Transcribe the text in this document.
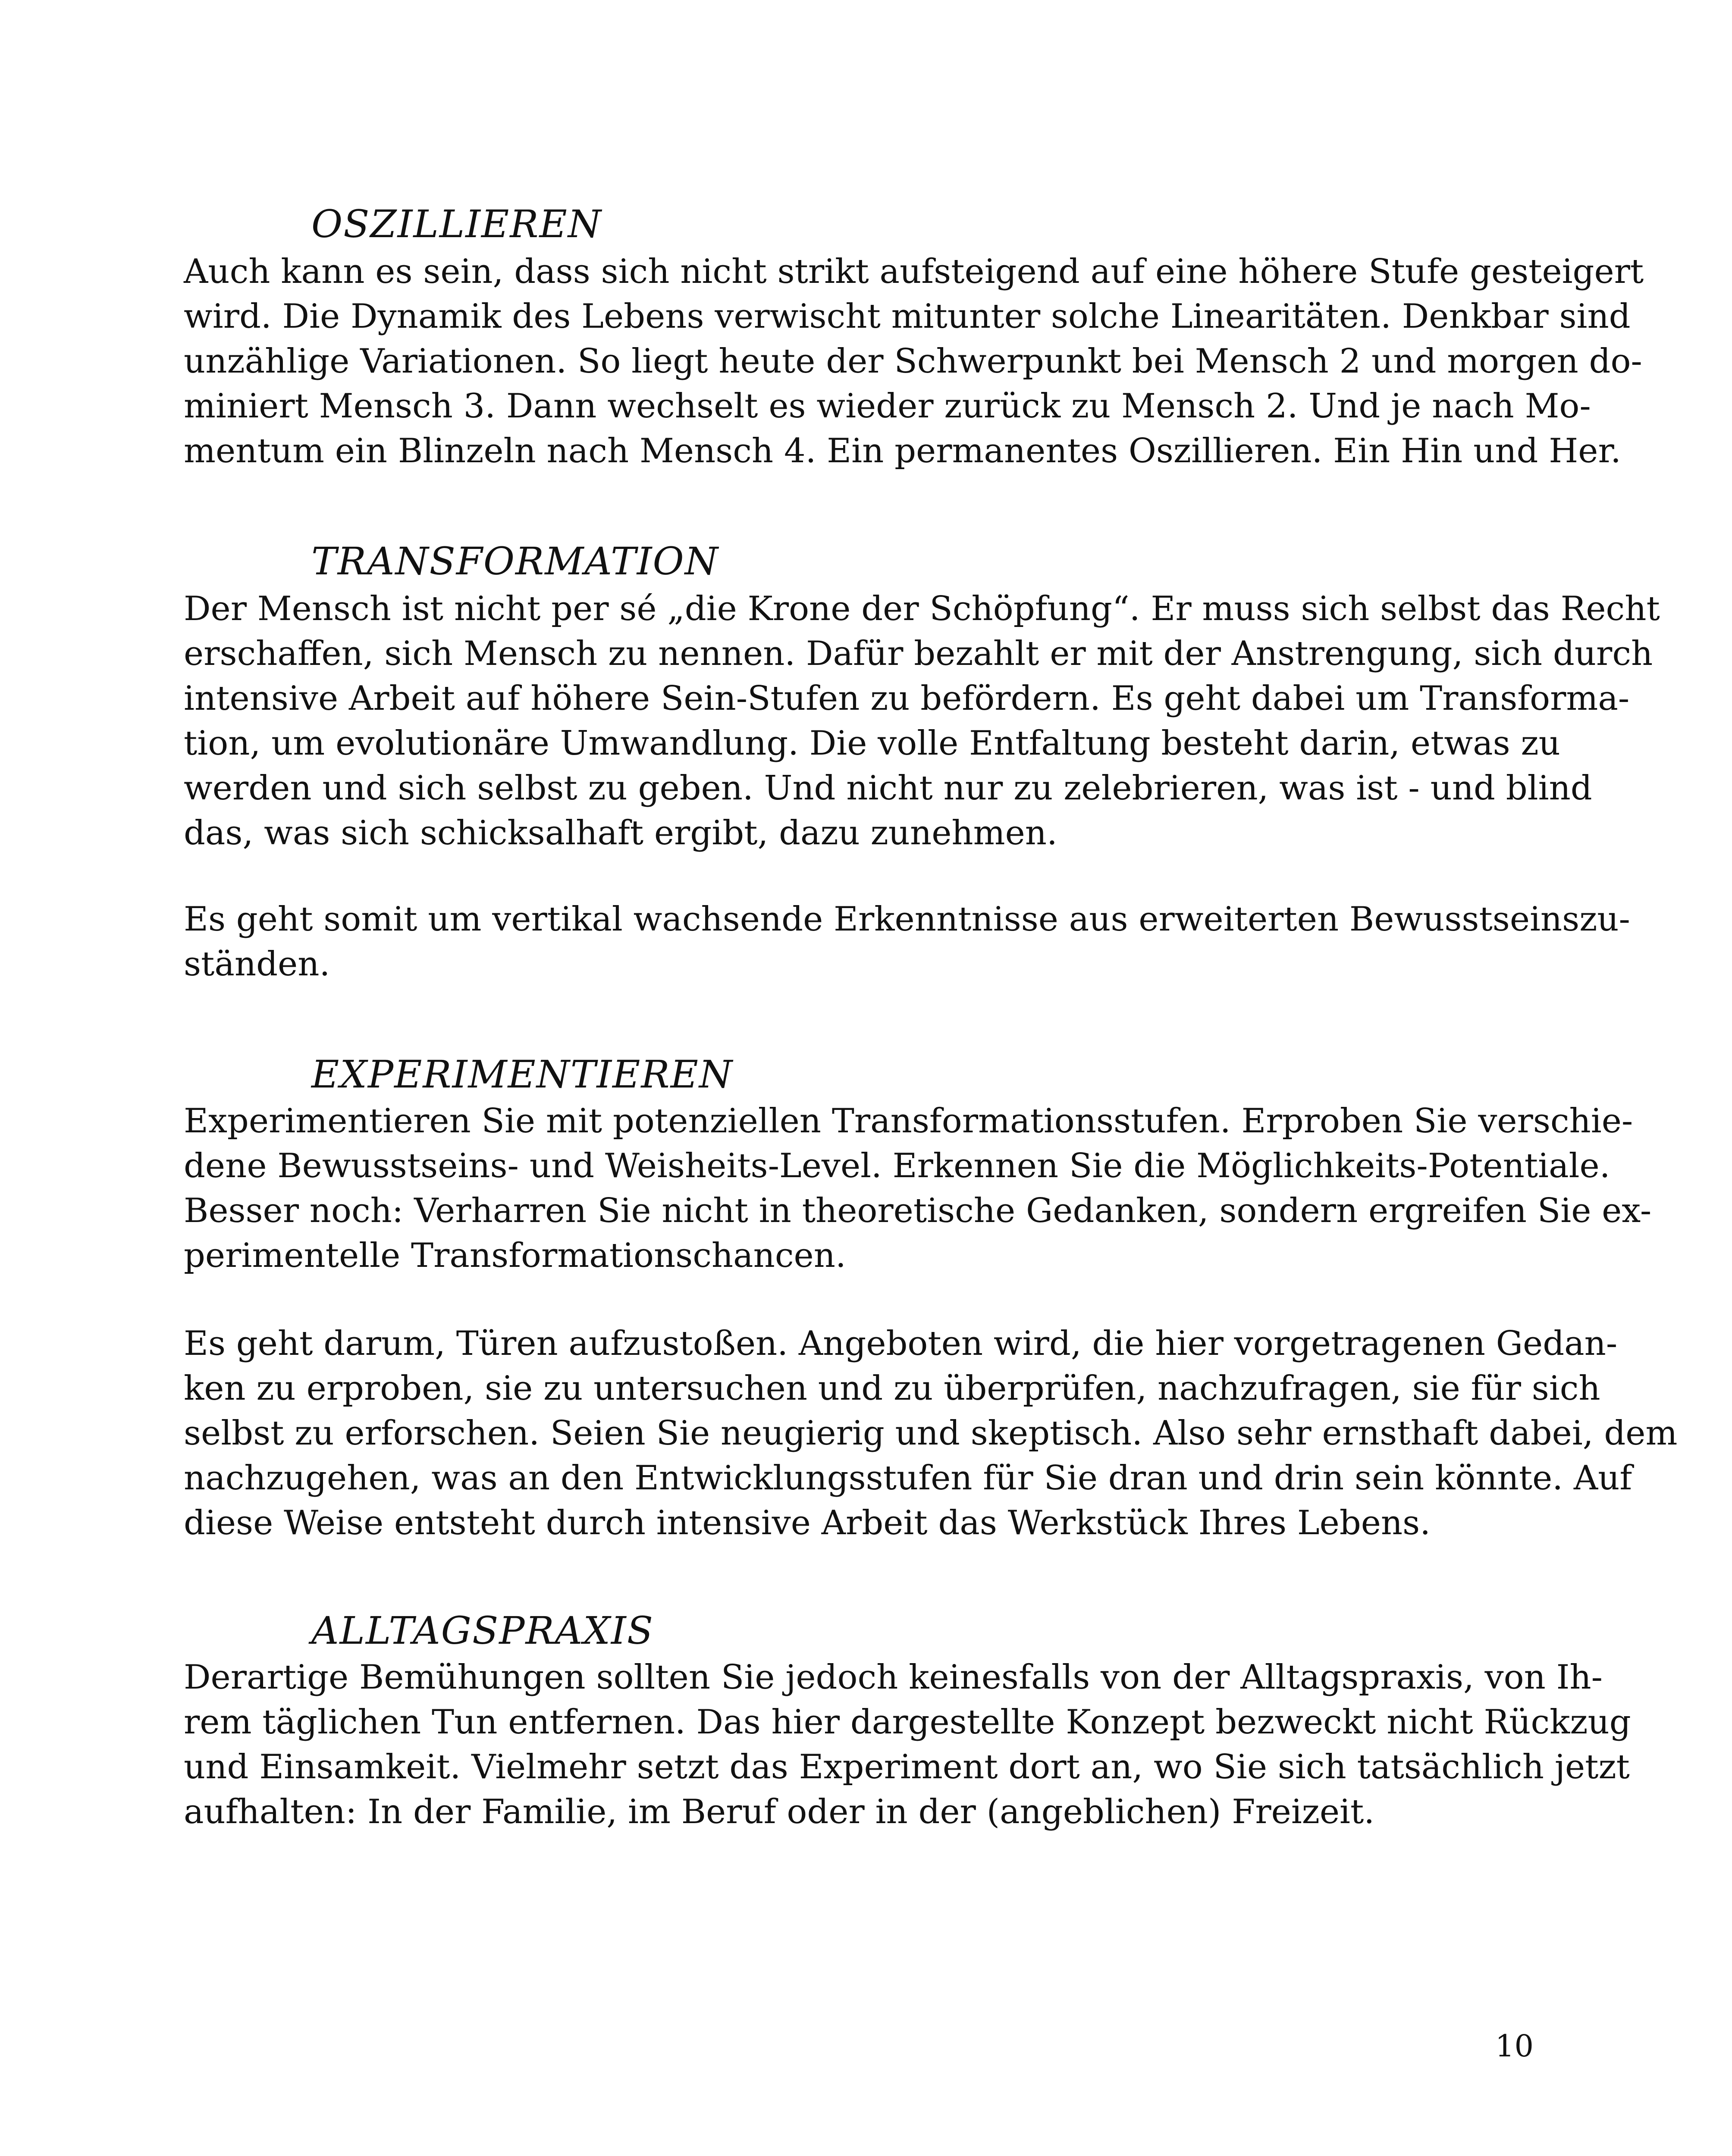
OSZILLIEREN
Auch kann es sein, dass sich nicht strikt aufsteigend auf eine höhere Stufe gesteigert
wird. Die Dynamik des Lebens verwischt mitunter solche Linearitäten. Denkbar sind
unzählige Variationen. So liegt heute der Schwerpunkt bei Mensch 2 und morgen do-
miniert Mensch 3. Dann wechselt es wieder zurück zu Mensch 2. Und je nach Mo-
mentum ein Blinzeln nach Mensch 4. Ein permanentes Oszillieren. Ein Hin und Her.
TRANSFORMATION
Der Mensch ist nicht per sé „die Krone der Schöpfung“. Er muss sich selbst das Recht
erschaffen, sich Mensch zu nennen. Dafür bezahlt er mit der Anstrengung, sich durch
intensive Arbeit auf höhere Sein-Stufen zu befördern. Es geht dabei um Transforma-
tion, um evolutionäre Umwandlung. Die volle Entfaltung besteht darin, etwas zu
werden und sich selbst zu geben. Und nicht nur zu zelebrieren, was ist - und blind
das, was sich schicksalhaft ergibt, dazu zunehmen.
Es geht somit um vertikal wachsende Erkenntnisse aus erweiterten Bewusstseinszu-
ständen.
EXPERIMENTIEREN
Experimentieren Sie mit potenziellen Transformationsstufen. Erproben Sie verschie-
dene Bewusstseins- und Weisheits-Level. Erkennen Sie die Möglichkeits-Potentiale.
Besser noch: Verharren Sie nicht in theoretische Gedanken, sondern ergreifen Sie ex-
perimentelle Transformationschancen.
Es geht darum, Türen aufzustoßen. Angeboten wird, die hier vorgetragenen Gedan-
ken zu erproben, sie zu untersuchen und zu überprüfen, nachzufragen, sie für sich
selbst zu erforschen. Seien Sie neugierig und skeptisch. Also sehr ernsthaft dabei, dem
nachzugehen, was an den Entwicklungsstufen für Sie dran und drin sein könnte. Auf
diese Weise entsteht durch intensive Arbeit das Werkstück Ihres Lebens.
ALLTAGSPRAXIS
Derartige Bemühungen sollten Sie jedoch keinesfalls von der Alltagspraxis, von Ih-
rem täglichen Tun entfernen. Das hier dargestellte Konzept bezweckt nicht Rückzug
und Einsamkeit. Vielmehr setzt das Experiment dort an, wo Sie sich tatsächlich jetzt
aufhalten: In der Familie, im Beruf oder in der (angeblichen) Freizeit.
10
